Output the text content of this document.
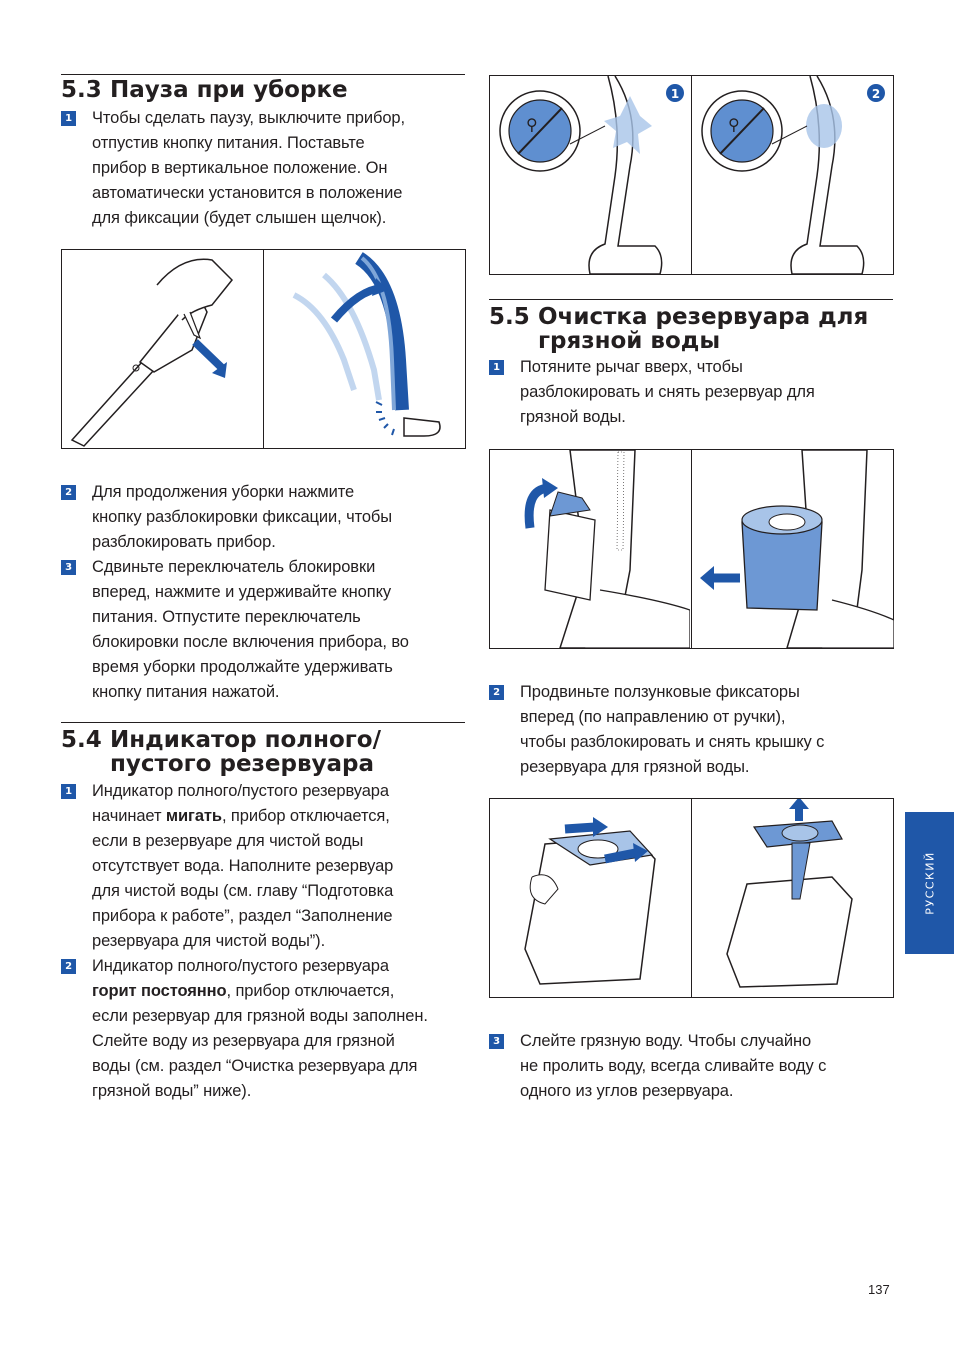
5.3 Пауза при уборке
1 Чтобы сделать паузу, выключите прибор,
отпустив кнопку питания. Поставьте
прибор в вертикальное положение. Он
автоматически установится в положение
для фиксации (будет слышен щелчок).
2 Для продолжения уборки нажмите
кнопку разблокировки фиксации, чтобы
разблокировать прибор.
3 Сдвиньте переключатель блокировки
вперед, нажмите и удерживайте кнопку
питания. Отпустите переключатель
блокировки после включения прибора, во
время уборки продолжайте удерживать
кнопку питания нажатой.
5.4 Индикатор полного/
пустого резервуара
1 Индикатор полного/пустого резервуара
начинает мигать, прибор отключается,
если в резервуаре для чистой воды
отсутствует вода. Наполните резервуар
для чистой воды (см. главу “Подготовка
прибора к работе”, раздел “Заполнение
резервуара для чистой воды”).
2 Индикатор полного/пустого резервуара
горит постоянно, прибор отключается,
если резервуар для грязной воды заполнен.
Слейте воду из резервуара для грязной
воды (см. раздел “Очистка резервуара для
грязной воды” ниже).
⚲
1
⚲
2
5.5 Очистка резервуара для
грязной воды
1 Потяните рычаг вверх, чтобы
разблокировать и снять резервуар для
грязной воды.
2 Продвиньте ползунковые фиксаторы
вперед (по направлению от ручки),
чтобы разблокировать и снять крышку с
резервуара для грязной воды.
3 Слейте грязную воду. Чтобы случайно
не пролить воду, всегда сливайте воду с
одного из углов резервуара.
РУССКИЙ
137
